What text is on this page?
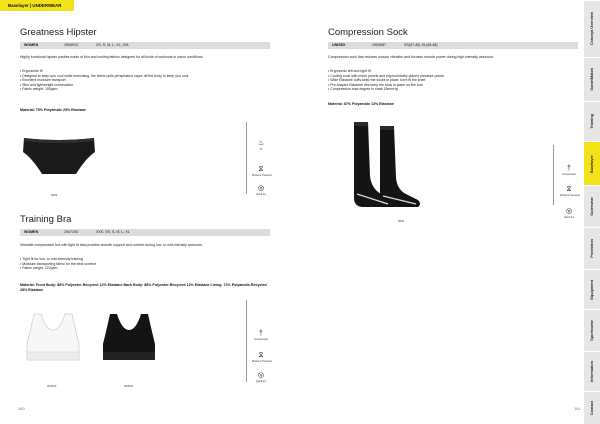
Baselayer | UNDERWEAR
Greatness Hipster
WOMEN	1904913	XS, S, M, L, XL, XXL
Highly functional hipster panties made of thin and cooling fabrics designed for all kinds of workouts in warm conditions.
• Ergonomic fit
• Designed to keep you cool while exercising, the fabric pulls perspiration vapor off the body to keep you cool.
• Excellent moisture transport
• Slim and lightweight construction
• Fabric weight: 150gsm
Material: 75% Polyamide 25% Elastane
9999
♨
30
⧖
Moisture Transport
◎
Quick dry
Training Bra
WOMEN	1907193	XXS, XS, S, M, L, XL
Versatile compression bra with tight fit that provides smooth support and comfort during low- to mid-intensity workouts.
• Tight fit for low- to mid-intensity training
• Moisture-transporting fabric for the best comfort
• Fabric weight: 222gsm
Material: Front Body: 88% Polyester-Recycled 12% Elastane Back Body: 88% Polyester-Recycled 12% Elastane Lining: 72% Polyamide-Recycled 28% Elastane
900000	999000
†
Compression
⧖
Moisture Transport
◎
Quick dry
Compression Sock
UNISEX	1904087	XS(37-40)-XL(45-48)
Compression sock that reduces muscle vibration and focuses muscle power during high-intensity workouts.
• Ergonomic left and right fit
• Cooling sock with mesh panels and ergonomically placed pressure points
• Wide Elastane cuffs keep the socks in place, form fit the knee
• Pre-shaped Elastane ribs keep the sock in place on the foot
• Compression max degree in shaft 18mmHg
Material: 87% Polyamide 13% Elastane
9900
†
Compression
⧖
Moisture Transport
◎
Quick dry
160	161
Concept Overview
Game/Match
Training
Baselayer
Outerwear
Protection
Equipment
Sportswear
Information
Contact
